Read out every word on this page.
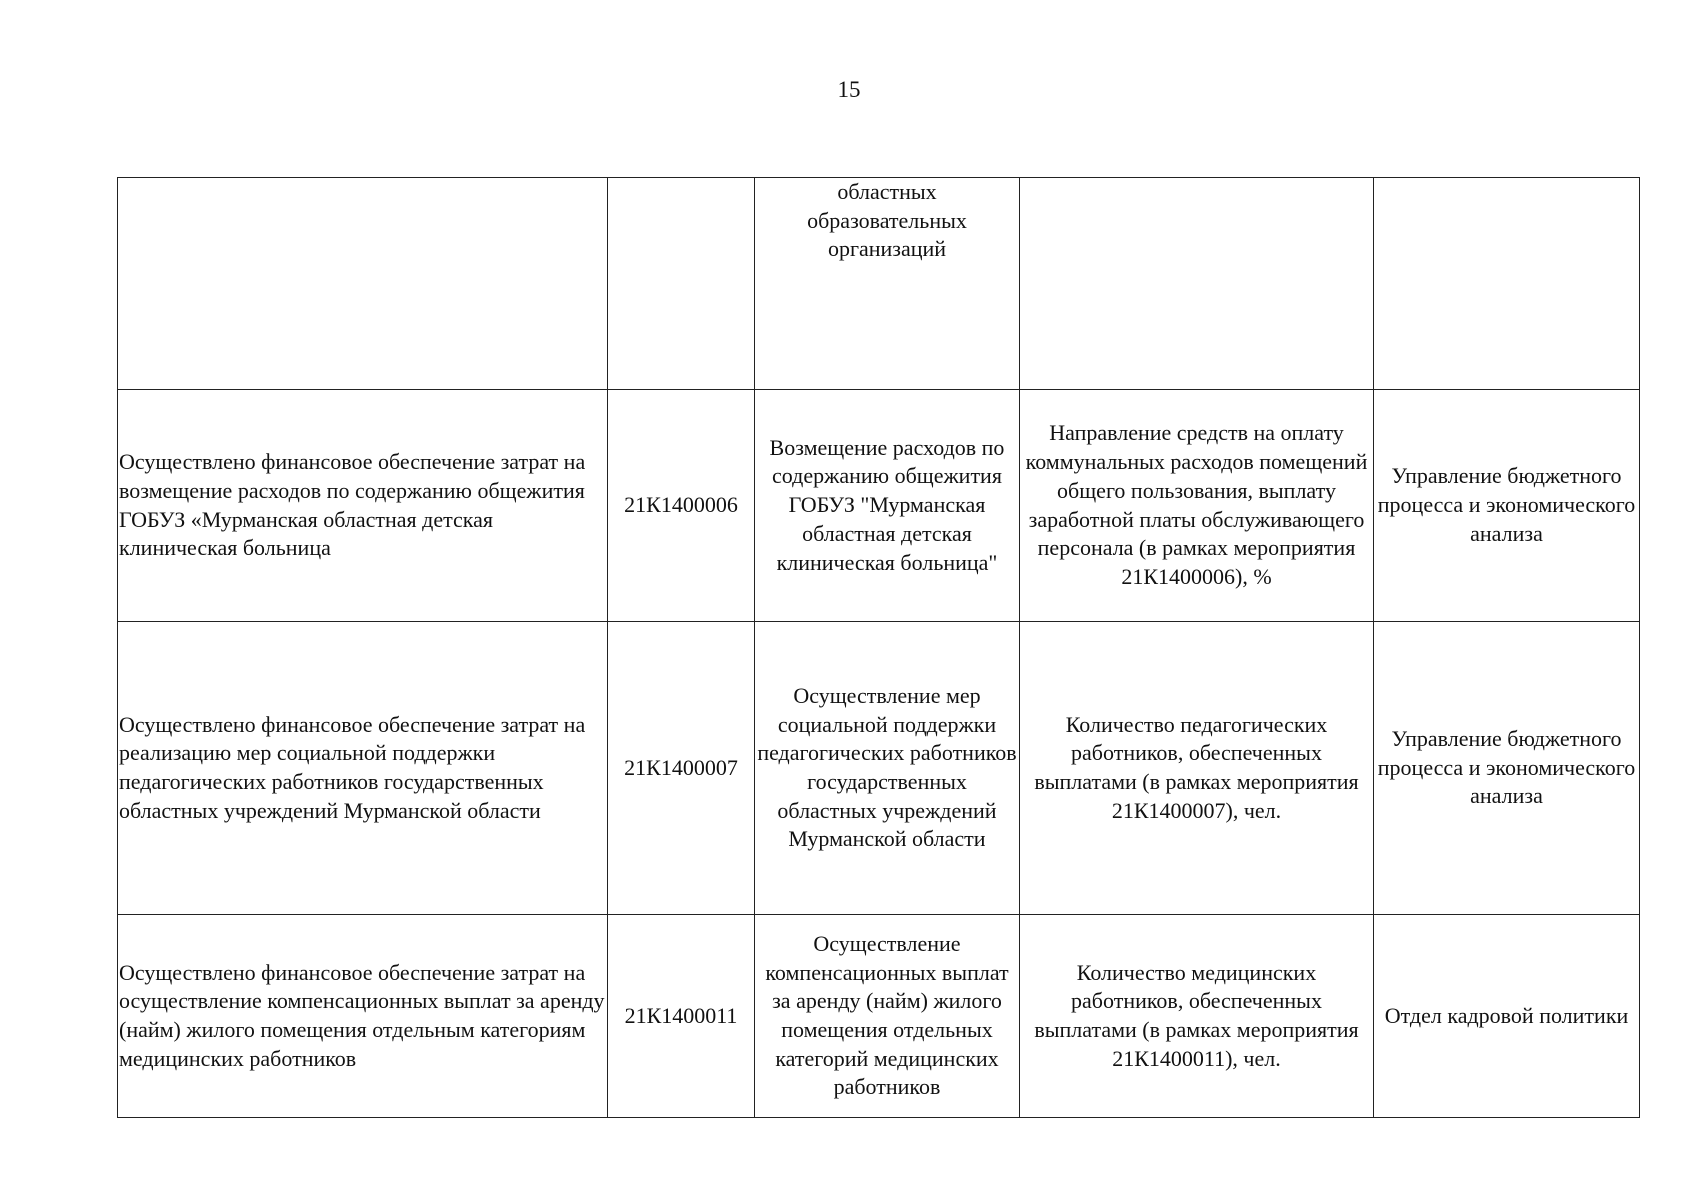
15
		областных образовательных организаций		
Осуществлено финансовое обеспечение затрат на возмещение расходов по содержанию общежития ГОБУЗ «Мурманская областная детская клиническая больница	21К1400006	Возмещение расходов по содержанию общежития ГОБУЗ "Мурманская областная детская клиническая больница"	Направление средств на оплату коммунальных расходов помещений общего пользования, выплату заработной платы обслуживающего персонала (в рамках мероприятия 21К1400006), %	Управление бюджетного процесса и экономического анализа
Осуществлено финансовое обеспечение затрат на реализацию мер социальной поддержки педагогических работников государственных областных учреждений Мурманской области	21К1400007	Осуществление мер социальной поддержки педагогических работников государственных областных учреждений Мурманской области	Количество педагогических работников, обеспеченных выплатами (в рамках мероприятия 21К1400007), чел.	Управление бюджетного процесса и экономического анализа
Осуществлено финансовое обеспечение затрат на осуществление компенсационных выплат за аренду (найм) жилого помещения отдельным категориям медицинских работников	21К1400011	Осуществление компенсационных выплат за аренду (найм) жилого помещения отдельных категорий медицинских работников	Количество медицинских работников, обеспеченных выплатами (в рамках мероприятия 21К1400011), чел.	Отдел кадровой политики
